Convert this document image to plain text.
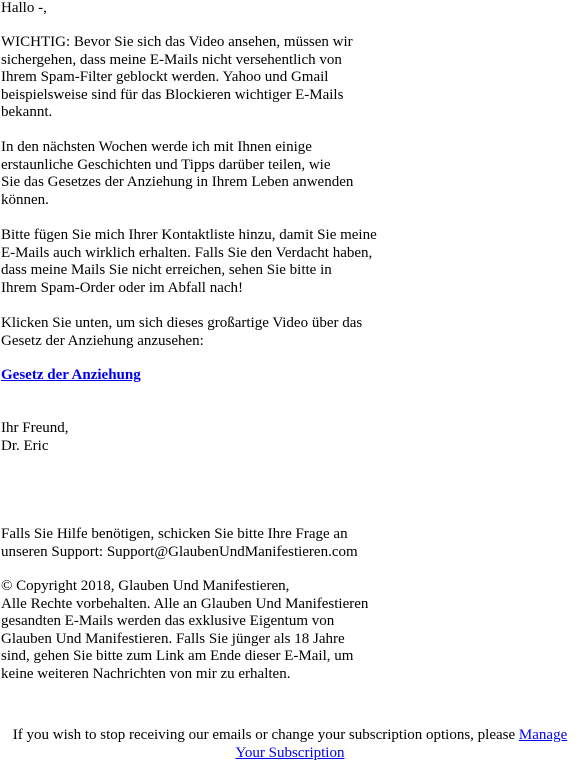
Hallo -,

WICHTIG: Bevor Sie sich das Video ansehen, müssen wir
sichergehen, dass meine E-Mails nicht versehentlich von
Ihrem Spam-Filter geblockt werden. Yahoo und Gmail
beispielsweise sind für das Blockieren wichtiger E-Mails
bekannt.

In den nächsten Wochen werde ich mit Ihnen einige
erstaunliche Geschichten und Tipps darüber teilen, wie
Sie das Gesetzes der Anziehung in Ihrem Leben anwenden
können.

Bitte fügen Sie mich Ihrer Kontaktliste hinzu, damit Sie meine
E-Mails auch wirklich erhalten. Falls Sie den Verdacht haben,
dass meine Mails Sie nicht erreichen, sehen Sie bitte in
Ihrem Spam-Order oder im Abfall nach!

Klicken Sie unten, um sich dieses großartige Video über das
Gesetz der Anziehung anzusehen:

Gesetz der Anziehung

Ihr Freund,
Dr. Eric

Falls Sie Hilfe benötigen, schicken Sie bitte Ihre Frage an
unseren Support: Support@GlaubenUndManifestieren.com

© Copyright 2018, Glauben Und Manifestieren,
Alle Rechte vorbehalten. Alle an Glauben Und Manifestieren
gesandten E-Mails werden das exklusive Eigentum von
Glauben Und Manifestieren. Falls Sie jünger als 18 Jahre
sind, gehen Sie bitte zum Link am Ende dieser E-Mail, um
keine weiteren Nachrichten von mir zu erhalten.

If you wish to stop receiving our emails or change your subscription options, please Manage
Your Subscription
